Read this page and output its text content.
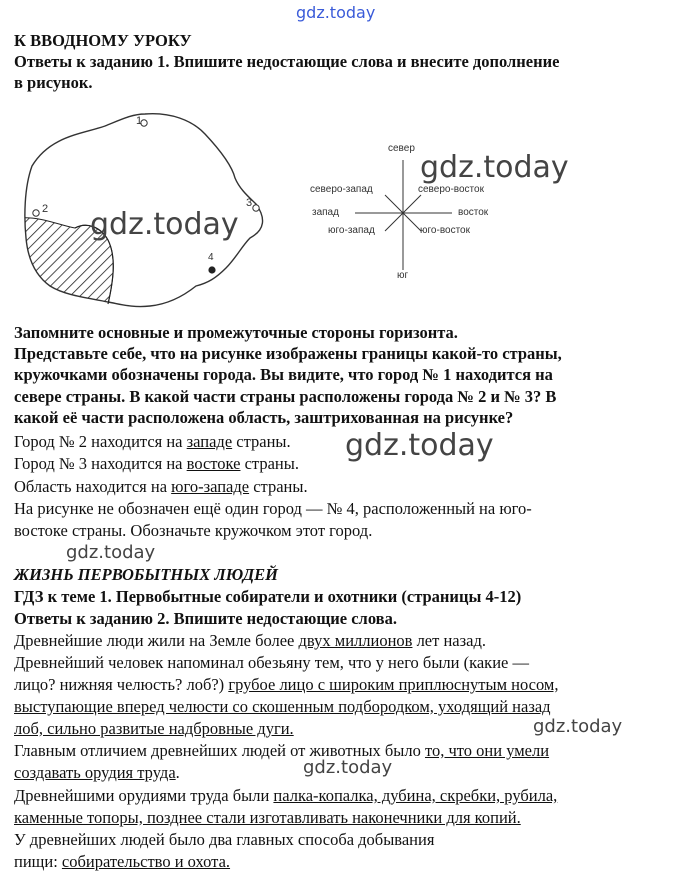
gdz.today
К ВВОДНОМУ УРОКУ
Ответы к заданию 1. Впишите недостающие слова и внесите дополнение
в рисунок.
1
2	3
4
север
северо-запад	северо-восток
запад	восток
юго-запад	юго-восток
юг
gdz.today
gdz.today
Запомните основные и промежуточные стороны горизонта.
Представьте себе, что на рисунке изображены границы какой-то страны,
кружочками обозначены города. Вы видите, что город № 1 находится на
севере страны. В какой части страны расположены города № 2 и № 3? В
какой её части расположена область, заштрихованная на рисунке?
Город № 2 находится на западе страны.
Город № 3 находится на востоке страны.
Область находится на юго-западе страны.
На рисунке не обозначен ещё один город — № 4, расположенный на юго-
востоке страны. Обозначьте кружочком этот город.
gdz.today
gdz.today
ЖИЗНЬ ПЕРВОБЫТНЫХ ЛЮДЕЙ
ГДЗ к теме 1. Первобытные собиратели и охотники (страницы 4-12)
Ответы к заданию 2. Впишите недостающие слова.
Древнейшие люди жили на Земле более двух миллионов лет назад.
Древнейший человек напоминал обезьяну тем, что у него были (какие —
лицо? нижняя челюсть? лоб?) грубое лицо с широким приплюснутым носом,
выступающие вперед челюсти со скошенным подбородком, уходящий назад
лоб, сильно развитые надбровные дуги.	gdz.today
Главным отличием древнейших людей от животных было то, что они умели
создавать орудия труда.	gdz.today
Древнейшими орудиями труда были палка-копалка, дубина, скребки, рубила,
каменные топоры, позднее стали изготавливать наконечники для копий.
У древнейших людей было два главных способа добывания
пищи: собирательство и охота.
